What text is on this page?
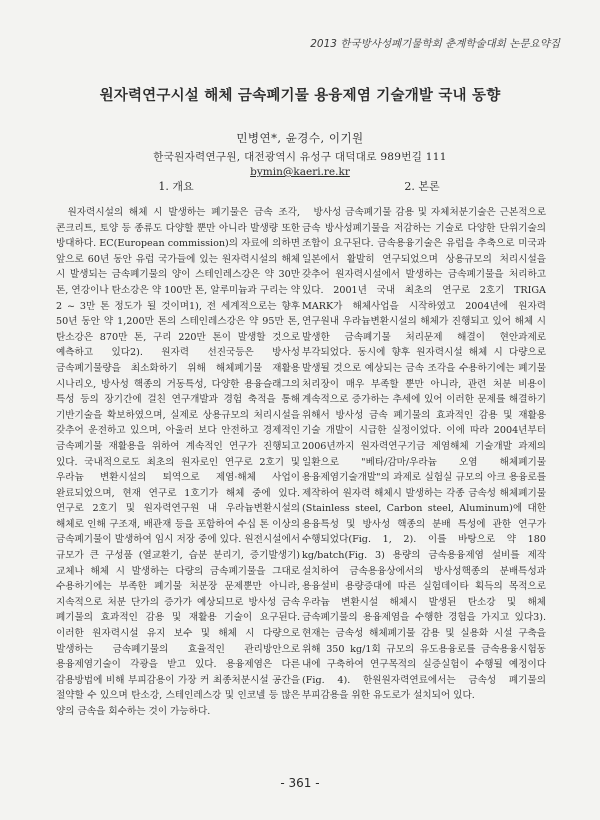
2013 한국방사성폐기물학회 춘계학술대회 논문요약집
원자력연구시설 해체 금속폐기물 용융제염 기술개발 국내 동향
민병연*, 윤경수, 이기원
한국원자력연구원, 대전광역시 유성구 대덕대로 989번길 111
bymin@kaeri.re.kr
1. 개요	2. 본론

원자력시설의 해체 시 발생하는 폐기물은 금속 조각, 콘크리트, 토양 등 종류도 다양할 뿐만 아니라 발생량 또한 방대하다. EC(European commission)의 자료에 의하면 앞으로 60년 동안 유럽 국가들에 있는 원자력시설의 해체 시 발생되는 금속폐기물의 양이 스테인레스강은 약 30만 톤, 연강이나 탄소강은 약 100만 톤, 알루미늄과 구리는 약 2 ~ 3만 톤 정도가 될 것이며1), 전 세계적으로는 향후 50년 동안 약 1,200만 톤의 스테인레스강은 약 95만 톤, 탄소강은 870만 톤, 구리 220만 톤이 발생할 것으로 예측하고 있다2). 원자력 선진국등은 방사성 금속폐기물량을 최소화하기 위해 해체폐기물 재활용 시나리오, 방사성 핵종의 거동특성, 다양한 용융슬래그의 특성 등의 장기간에 걸친 연구개발과 경험 축적을 통해 기반기술을 확보하였으며, 실제로 상용규모의 처리시설을 갖추어 운전하고 있으며, 아울러 보다 안전하고 경제적인 금속폐기물 재활용을 위하여 계속적인 연구가 진행되고 있다. 국내적으로도 최초의 원자로인 연구로 2호기 및 우라늄 변환시설의 퇴역으로 제염·해체 사업이 완료되었으며, 현재 연구로 1호기가 해체 중에 있다. 연구로 2호기 및 원자력연구원 내 우라늄변환시설의 해체로 인해 구조재, 배관재 등을 포함하여 수십 톤 이상의 금속폐기물이 발생하여 임시 저장 중에 있다. 원전시설에서 규모가 큰 구성품 (열교환기, 습분 분리기, 증기발생기) 교체나 해체 시 발생하는 다량의 금속폐기물을 그대로 수용하기에는 부족한 폐기물 처분장 문제뿐만 아니라, 지속적으로 처분 단가의 증가가 예상되므로 방사성 금속 폐기물의 효과적인 감용 및 재활용 기술이 요구된다. 이러한 원자력시설 유지 보수 및 해체 시 다량으로 발생하는 금속폐기물의 효율적인 관리방안으로 용융제염기술이 각광을 받고 있다. 용융제염은 다른 감용방법에 비해 부피감용이 가장 커 최종처분시설 공간을 절약할 수 있으며 탄소강, 스테인레스강 및 인코넬 등 많은 양의 금속을 회수하는 것이 가능하다.

방사성 금속폐기물 감용 및 자체처분기술은 근본적으로 금속 방사성폐기물을 저감하는 기술로 다양한 단위기술의 조합이 요구된다. 금속용융기술은 유럽을 추축으로 미국과 일본에서 활발히 연구되었으며 상용규모의 처리시설을 갖추어 원자력시설에서 발생하는 금속폐기물을 처리하고 있다. 2001년 국내 최초의 연구로 2호기 TRIGA MARK가 해체사업을 시작하였고 2004년에 원자력 연구원내 우라늄변환시설의 해체가 진행되고 있어 해체 시 발생한 금속폐기물 처리문제 해결이 현안과제로 부각되었다. 동시에 향후 원자력시설 해체 시 다량으로 발생될 것으로 예상되는 금속 조각을 수용하기에는 폐기물 처리장이 매우 부족할 뿐만 아니라, 관련 처분 비용이 계속적으로 증가하는 추세에 있어 이러한 문제를 해결하기 위해서 방사성 금속 폐기물의 효과적인 감용 및 재활용 기술 개발이 시급한 실정이었다. 이에 따라 2004년부터 2006년까지 원자력연구기금 제염해체 기술개발 과제의 일환으로 "베타/감마/우라늄 오염 해체폐기물 용융제염기술개발"의 과제로 실험실 규모의 아크 용융로를 제작하여 원자력 해체시 발생하는 각종 금속성 해체폐기물 (Stainless steel, Carbon steel, Aluminum)에 대한 용융특성 및 방사성 핵종의 분배 특성에 관한 연구가 수행되었다(Fig. 1, 2). 이를 바탕으로 약 180 kg/batch(Fig. 3) 용량의 금속용융제염 설비를 제작 설치하여 금속용융상에서의 방사성핵종의 분배특성과 용융설비 용량증대에 따른 실험데이타 획득의 목적으로 우라늄 변환시설 해체시 발생된 탄소강 및 해체 금속폐기물의 용융제염을 수행한 경험을 가지고 있다3). 현재는 금속성 해체폐기물 감용 및 실용화 시설 구축을 위해 350 kg/1회 규모의 유도용융로를 금속용융시험동 내에 구축하여 연구목적의 실증실험이 수행될 예정이다(Fig. 4). 한원원자력연료에서는 금속성 폐기물의 부피감용을 위한 유도로가 설치되어 있다.

- 361 -
